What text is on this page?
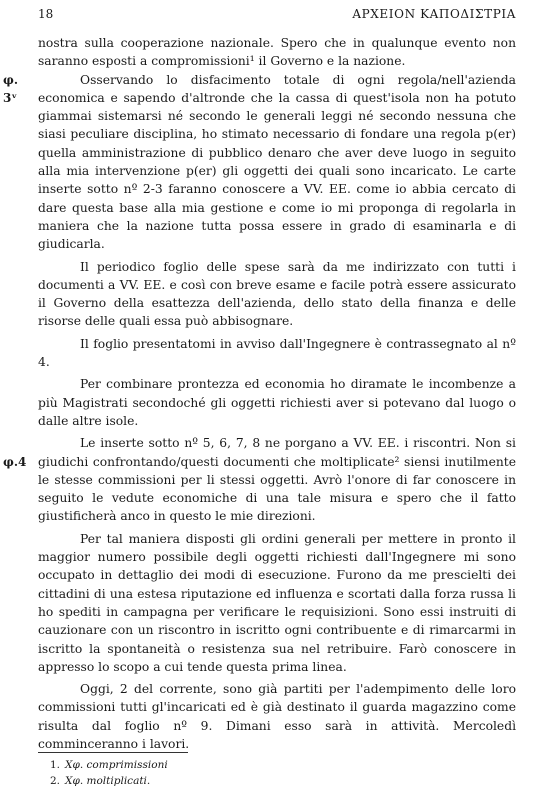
18	ΑΡΧΕΙΟΝ ΚΑΠΟΔΙΣΤΡΙΑ

nostra sulla cooperazione nazionale. Spero che in qualunque evento non saranno esposti a compromissioni¹ il Governo e la nazione.

φ. 3ᵛ
Osservando lo disfacimento totale di ogni regola/nell'azienda economica e sapendo d'altronde che la cassa di quest'isola non ha potuto giammai sistemarsi né secondo le generali leggi né secondo nessuna che siasi peculiare disciplina, ho stimato necessario di fondare una regola p(er) quella amministrazione di pubblico denaro che aver deve luogo in seguito alla mia intervenzione p(er) gli oggetti dei quali sono incaricato. Le carte inserte sotto nº 2-3 faranno conoscere a VV. EE. come io abbia cercato di dare questa base alla mia gestione e come io mi proponga di regolarla in maniera che la nazione tutta possa essere in grado di esaminarla e di giudicarla.

Il periodico foglio delle spese sarà da me indirizzato con tutti i documenti a VV. EE. e così con breve esame e facile potrà essere assicurato il Governo della esattezza dell'azienda, dello stato della finanza e delle risorse delle quali essa può abbisognare.

Il foglio presentatomi in avviso dall'Ingegnere è contrassegnato al nº 4.

Per combinare prontezza ed economia ho diramate le incombenze a più Magistrati secondoché gli oggetti richiesti aver si potevano dal luogo o dalle altre isole.

φ.4
Le inserte sotto nº 5, 6, 7, 8 ne porgano a VV. EE. i riscontri. Non si giudichi confrontando/questi documenti che moltiplicate² siensi inutilmente le stesse commissioni per li stessi oggetti. Avrò l'onore di far conoscere in seguito le vedute economiche di una tale misura e spero che il fatto giustificherà anco in questo le mie direzioni.

Per tal maniera disposti gli ordini generali per mettere in pronto il maggior numero possibile degli oggetti richiesti dall'Ingegnere mi sono occupato in dettaglio dei modi di esecuzione. Furono da me prescielti dei cittadini di una estesa riputazione ed influenza e scortati dalla forza russa li ho spediti in campagna per verificare le requisizioni. Sono essi instruiti di cauzionare con un riscontro in iscritto ogni contribuente e di rimarcarmi in iscritto la spontaneità o resistenza sua nel retribuire. Farò conoscere in appresso lo scopo a cui tende questa prima linea.

Oggi, 2 del corrente, sono già partiti per l'adempimento delle loro commissioni tutti gl'incaricati ed è già destinato il guarda magazzino come risulta dal foglio nº 9. Dimani esso sarà in attività. Mercoledì comminceranno i lavori.

1. Χφ. comprimissioni

2. Χφ. moltiplicati.
